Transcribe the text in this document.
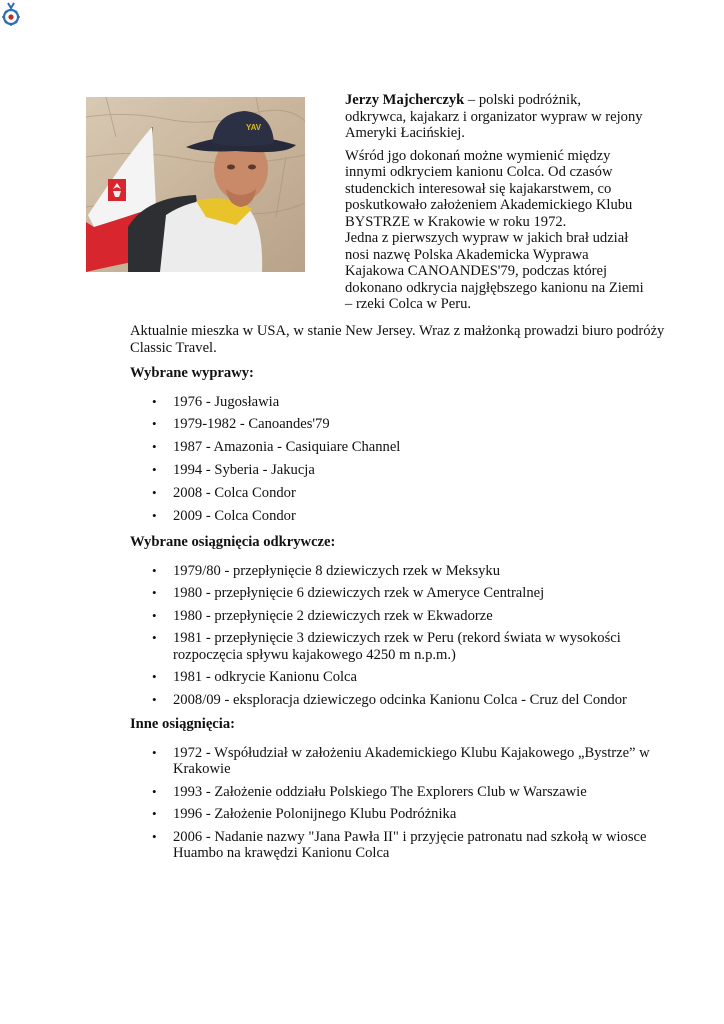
YAV

Jerzy Majcherczyk – polski podróżnik, odkrywca, kajakarz i organizator wypraw w rejony Ameryki Łacińskiej.

Wśród jgo dokonań możne wymienić między innymi odkryciem kanionu Colca. Od czasów studenckich interesował się kajakarstwem, co poskutkowało założeniem Akademickiego Klubu BYSTRZE w Krakowie w roku 1972.

Jedna z pierwszych wypraw w jakich brał udział nosi nazwę Polska Akademicka Wyprawa Kajakowa CANOANDES'79, podczas której dokonano odkrycia najgłębszego kanionu na Ziemi – rzeki Colca w Peru.

Aktualnie mieszka w USA, w stanie New Jersey. Wraz z małżonką prowadzi biuro podróży Classic Travel.

Wybrane wyprawy:
• 1976 - Jugosławia
• 1979-1982 - Canoandes'79
• 1987 - Amazonia - Casiquiare Channel
• 1994 - Syberia - Jakucja
• 2008 - Colca Condor
• 2009 - Colca Condor
Wybrane osiągnięcia odkrywcze:
• 1979/80 - przepłynięcie 8 dziewiczych rzek w Meksyku
• 1980 - przepłynięcie 6 dziewiczych rzek w Ameryce Centralnej
• 1980 - przepłynięcie 2 dziewiczych rzek w Ekwadorze
• 1981 - przepłynięcie 3 dziewiczych rzek w Peru (rekord świata w wysokości rozpoczęcia spływu kajakowego 4250 m n.p.m.)
• 1981 - odkrycie Kanionu Colca
• 2008/09 - eksploracja dziewiczego odcinka Kanionu Colca - Cruz del Condor
Inne osiągnięcia:
• 1972 - Współudział w założeniu Akademickiego Klubu Kajakowego „Bystrze” w Krakowie
• 1993 - Założenie oddziału Polskiego The Explorers Club w Warszawie
• 1996 - Założenie Polonijnego Klubu Podróżnika
• 2006 - Nadanie nazwy "Jana Pawła II" i przyjęcie patronatu nad szkołą w wiosce Huambo na krawędzi Kanionu Colca
